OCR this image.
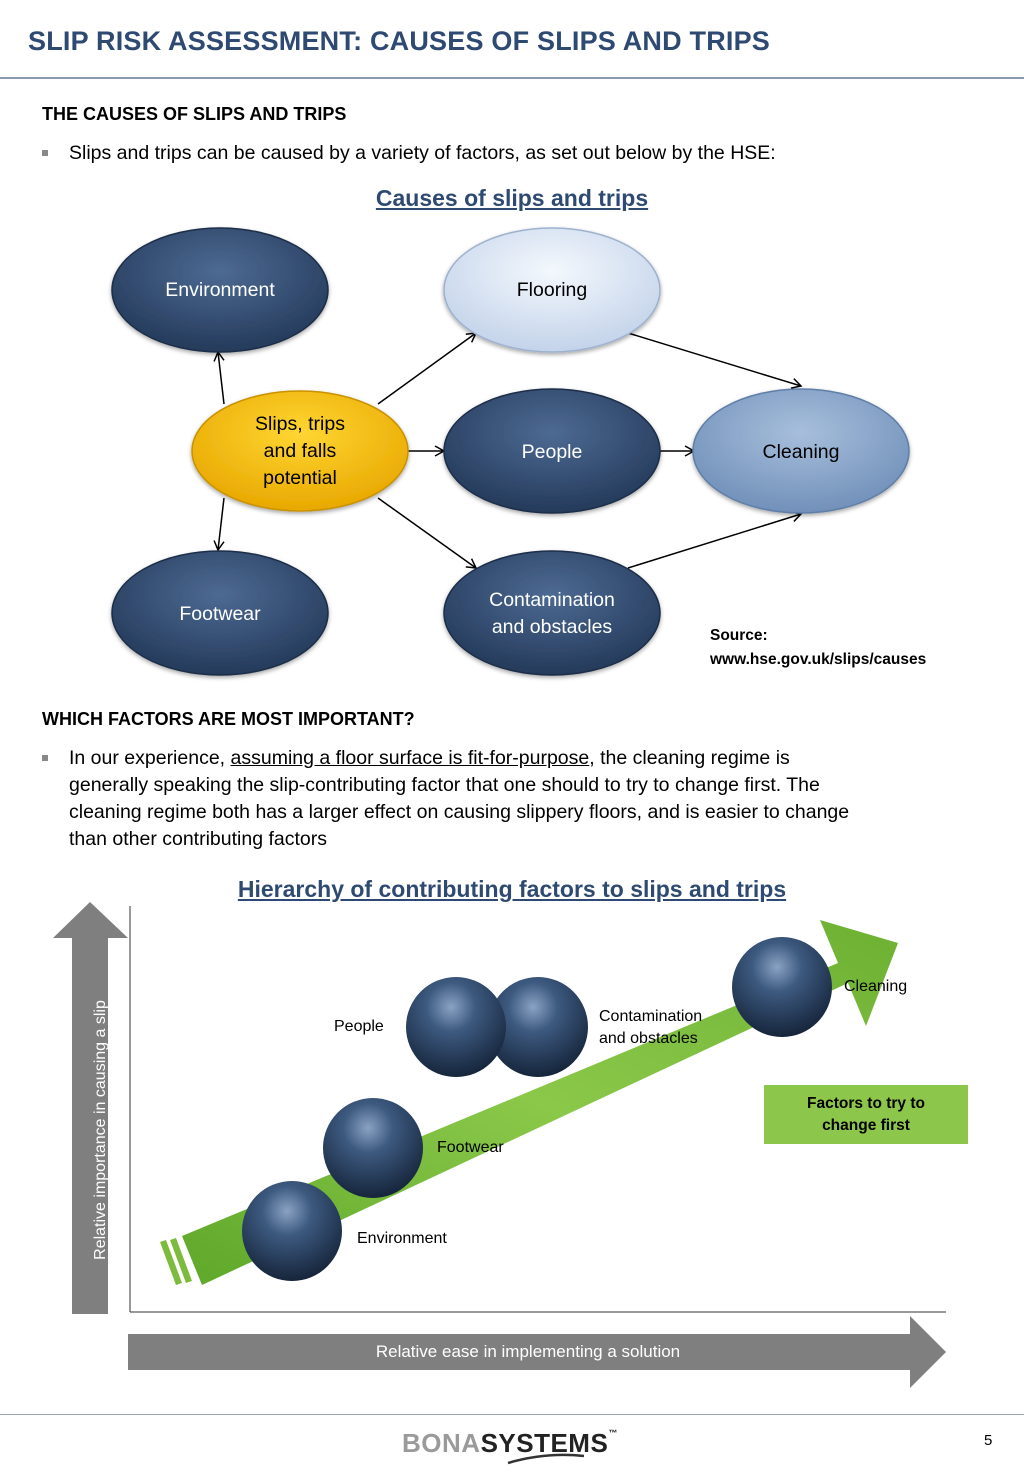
SLIP RISK ASSESSMENT: CAUSES OF SLIPS AND TRIPS
THE CAUSES OF SLIPS AND TRIPS
Slips and trips can be caused by a variety of factors, as set out below by the HSE:
Causes of slips and trips
Environment	Flooring
Slips, trips
and falls
potential
People	Cleaning
Footwear
Contamination
and obstacles	Source:
www.hse.gov.uk/slips/causes
WHICH FACTORS ARE MOST IMPORTANT?
In our experience, assuming a floor surface is fit-for-purpose, the cleaning regime is
generally speaking the slip-contributing factor that one should to try to change first. The
cleaning regime both has a larger effect on causing slippery floors, and is easier to change
than other contributing factors
Hierarchy of contributing factors to slips and trips
Relative importance in causing a slip
Relative ease in implementing a solution
Environment
Footwear
People
Contamination
and obstacles
Cleaning
Factors to try to
change first
BONASYSTEMS™	5
